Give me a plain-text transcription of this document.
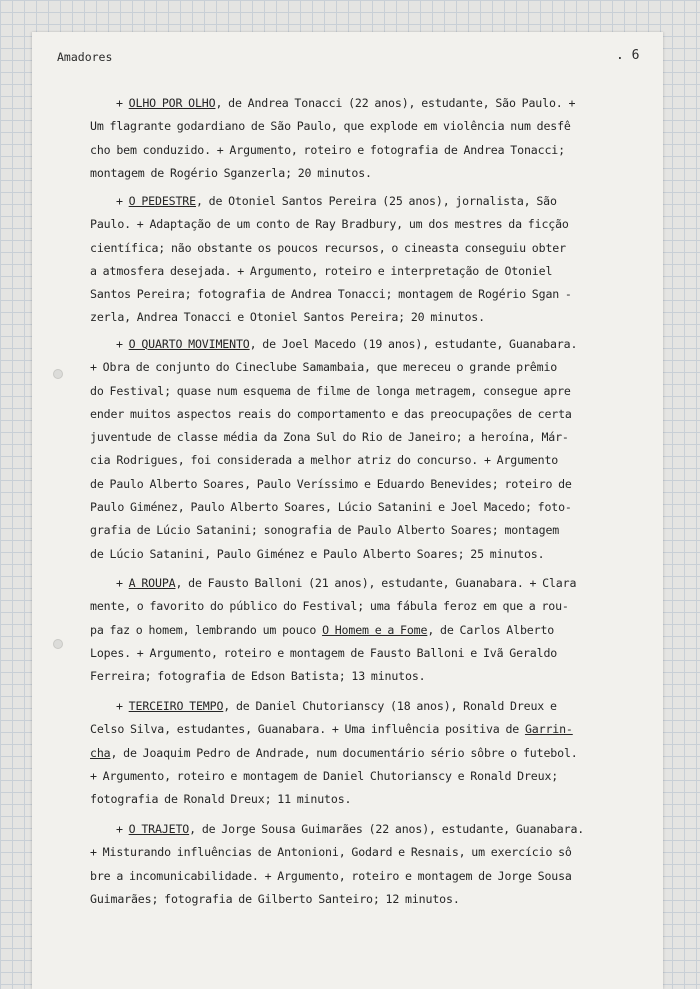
Amadores	. 6
+ OLHO POR OLHO, de Andrea Tonacci (22 anos), estudante, São Paulo. +
Um flagrante godardiano de São Paulo, que explode em violência num desfê
cho bem conduzido. + Argumento, roteiro e fotografia de Andrea Tonacci;
montagem de Rogério Sganzerla; 20 minutos.
+ O PEDESTRE, de Otoniel Santos Pereira (25 anos), jornalista, São
Paulo. + Adaptação de um conto de Ray Bradbury, um dos mestres da ficção
científica; não obstante os poucos recursos, o cineasta conseguiu obter
a atmosfera desejada. + Argumento, roteiro e interpretação de Otoniel
Santos Pereira; fotografia de Andrea Tonacci; montagem de Rogério Sgan -
zerla, Andrea Tonacci e Otoniel Santos Pereira; 20 minutos.
+ O QUARTO MOVIMENTO, de Joel Macedo (19 anos), estudante, Guanabara.
+ Obra de conjunto do Cineclube Samambaia, que mereceu o grande prêmio
do Festival; quase num esquema de filme de longa metragem, consegue apre
ender muitos aspectos reais do comportamento e das preocupações de certa
juventude de classe média da Zona Sul do Rio de Janeiro; a heroína, Már-
cia Rodrigues, foi considerada a melhor atriz do concurso. + Argumento
de Paulo Alberto Soares, Paulo Veríssimo e Eduardo Benevides; roteiro de
Paulo Giménez, Paulo Alberto Soares, Lúcio Satanini e Joel Macedo; foto-
grafia de Lúcio Satanini; sonografia de Paulo Alberto Soares; montagem
de Lúcio Satanini, Paulo Giménez e Paulo Alberto Soares; 25 minutos.
+ A ROUPA, de Fausto Balloni (21 anos), estudante, Guanabara. + Clara
mente, o favorito do público do Festival; uma fábula feroz em que a rou-
pa faz o homem, lembrando um pouco O Homem e a Fome, de Carlos Alberto
Lopes. + Argumento, roteiro e montagem de Fausto Balloni e Ivã Geraldo
Ferreira; fotografia de Edson Batista; 13 minutos.
+ TERCEIRO TEMPO, de Daniel Chutorianscy (18 anos), Ronald Dreux e
Celso Silva, estudantes, Guanabara. + Uma influência positiva de Garrin-
cha, de Joaquim Pedro de Andrade, num documentário sério sôbre o futebol.
+ Argumento, roteiro e montagem de Daniel Chutorianscy e Ronald Dreux;
fotografia de Ronald Dreux; 11 minutos.
+ O TRAJETO, de Jorge Sousa Guimarães (22 anos), estudante, Guanabara.
+ Misturando influências de Antonioni, Godard e Resnais, um exercício sô
bre a incomunicabilidade. + Argumento, roteiro e montagem de Jorge Sousa
Guimarães; fotografia de Gilberto Santeiro; 12 minutos.
